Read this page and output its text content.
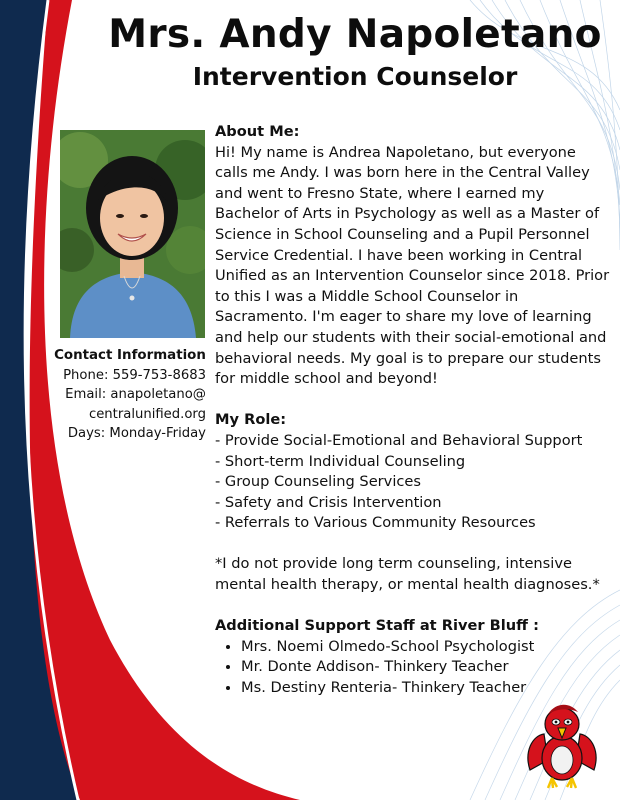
Mrs. Andy Napoletano
Intervention Counselor
Contact Information
Phone: 559-753-8683
Email: anapoletano@
centralunified.org
Days: Monday-Friday
About Me:

Hi! My name is Andrea Napoletano, but everyone calls me Andy. I was born here in the Central Valley and went to Fresno State, where I earned my Bachelor of Arts in Psychology as well as a Master of Science in School Counseling and a Pupil Personnel Service Credential. I have been working in Central Unified as an Intervention Counselor since 2018. Prior to this I was a Middle School Counselor in Sacramento. I'm eager to share my love of learning and help our students with their social-emotional and behavioral needs. My goal is to prepare our students for middle school and beyond!

My Role:
- Provide Social-Emotional and Behavioral Support
- Short-term Individual Counseling
- Group Counseling Services
- Safety and Crisis Intervention
- Referrals to Various Community Resources

*I do not provide long term counseling, intensive mental health therapy, or mental health diagnoses.*

Additional Support Staff at River Bluff :
• Mrs. Noemi Olmedo-School Psychologist
• Mr. Donte Addison- Thinkery Teacher
• Ms. Destiny Renteria- Thinkery Teacher
